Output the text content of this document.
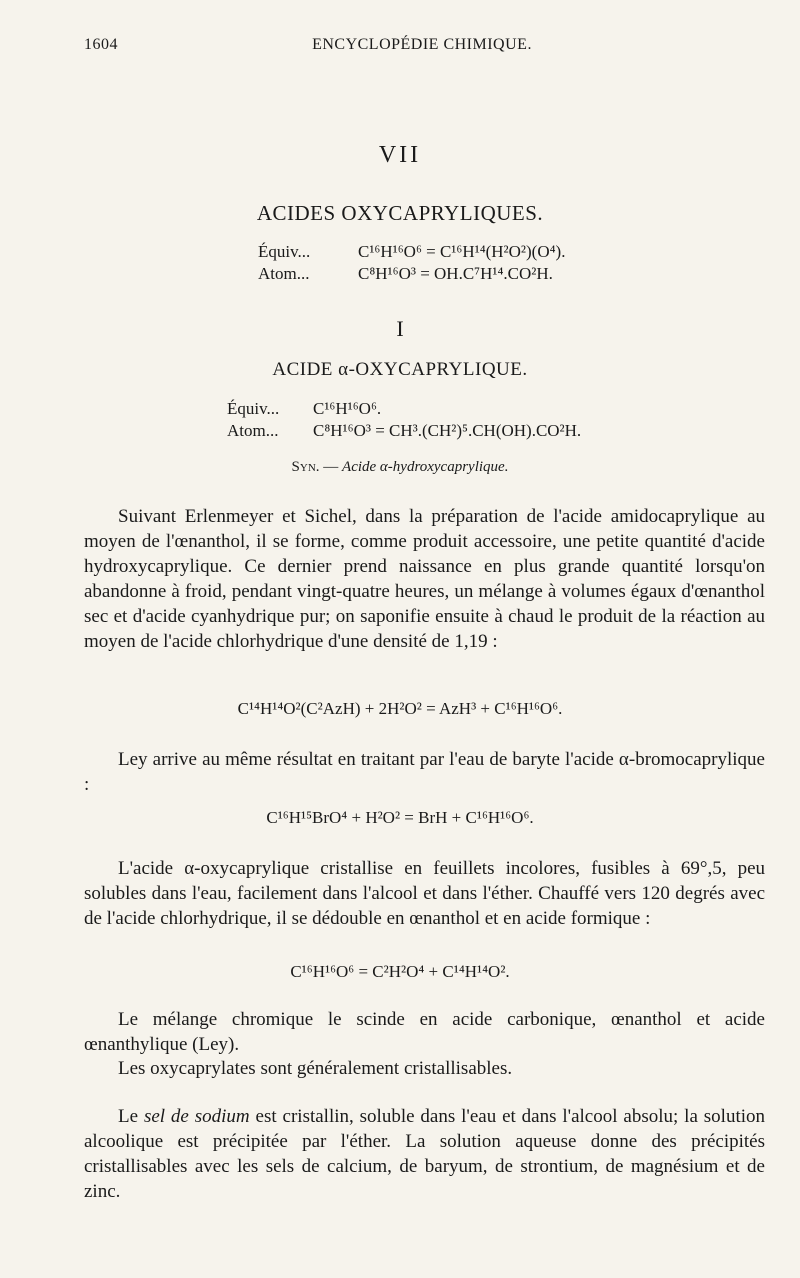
1604	ENCYCLOPÉDIE CHIMIQUE.
VII
ACIDES OXYCAPRYLIQUES.
Équiv...	C¹⁶H¹⁶O⁶ = C¹⁶H¹⁴(H²O²)(O⁴).
Atom...	C⁸H¹⁶O³ = OH.C⁷H¹⁴.CO²H.
I
ACIDE α-OXYCAPRYLIQUE.
Équiv...	C¹⁶H¹⁶O⁶.
Atom...	C⁸H¹⁶O³ = CH³.(CH²)⁵.CH(OH).CO²H.
Syn. — Acide α-hydroxycaprylique.

Suivant Erlenmeyer et Sichel, dans la préparation de l'acide amidocaprylique au moyen de l'œnanthol, il se forme, comme produit accessoire, une petite quantité d'acide hydroxycaprylique. Ce dernier prend naissance en plus grande quantité lorsqu'on abandonne à froid, pendant vingt-quatre heures, un mélange à volumes égaux d'œnanthol sec et d'acide cyanhydrique pur; on saponifie ensuite à chaud le produit de la réaction au moyen de l'acide chlorhydrique d'une densité de 1,19 :

C¹⁴H¹⁴O²(C²AzH) + 2H²O² = AzH³ + C¹⁶H¹⁶O⁶.

Ley arrive au même résultat en traitant par l'eau de baryte l'acide α-bromocaprylique :

C¹⁶H¹⁵BrO⁴ + H²O² = BrH + C¹⁶H¹⁶O⁶.

L'acide α-oxycaprylique cristallise en feuillets incolores, fusibles à 69°,5, peu solubles dans l'eau, facilement dans l'alcool et dans l'éther. Chauffé vers 120 degrés avec de l'acide chlorhydrique, il se dédouble en œnanthol et en acide formique :

C¹⁶H¹⁶O⁶ = C²H²O⁴ + C¹⁴H¹⁴O².

Le mélange chromique le scinde en acide carbonique, œnanthol et acide œnanthylique (Ley).

Les oxycaprylates sont généralement cristallisables.

Le sel de sodium est cristallin, soluble dans l'eau et dans l'alcool absolu; la solution alcoolique est précipitée par l'éther. La solution aqueuse donne des précipités cristallisables avec les sels de calcium, de baryum, de strontium, de magnésium et de zinc.
